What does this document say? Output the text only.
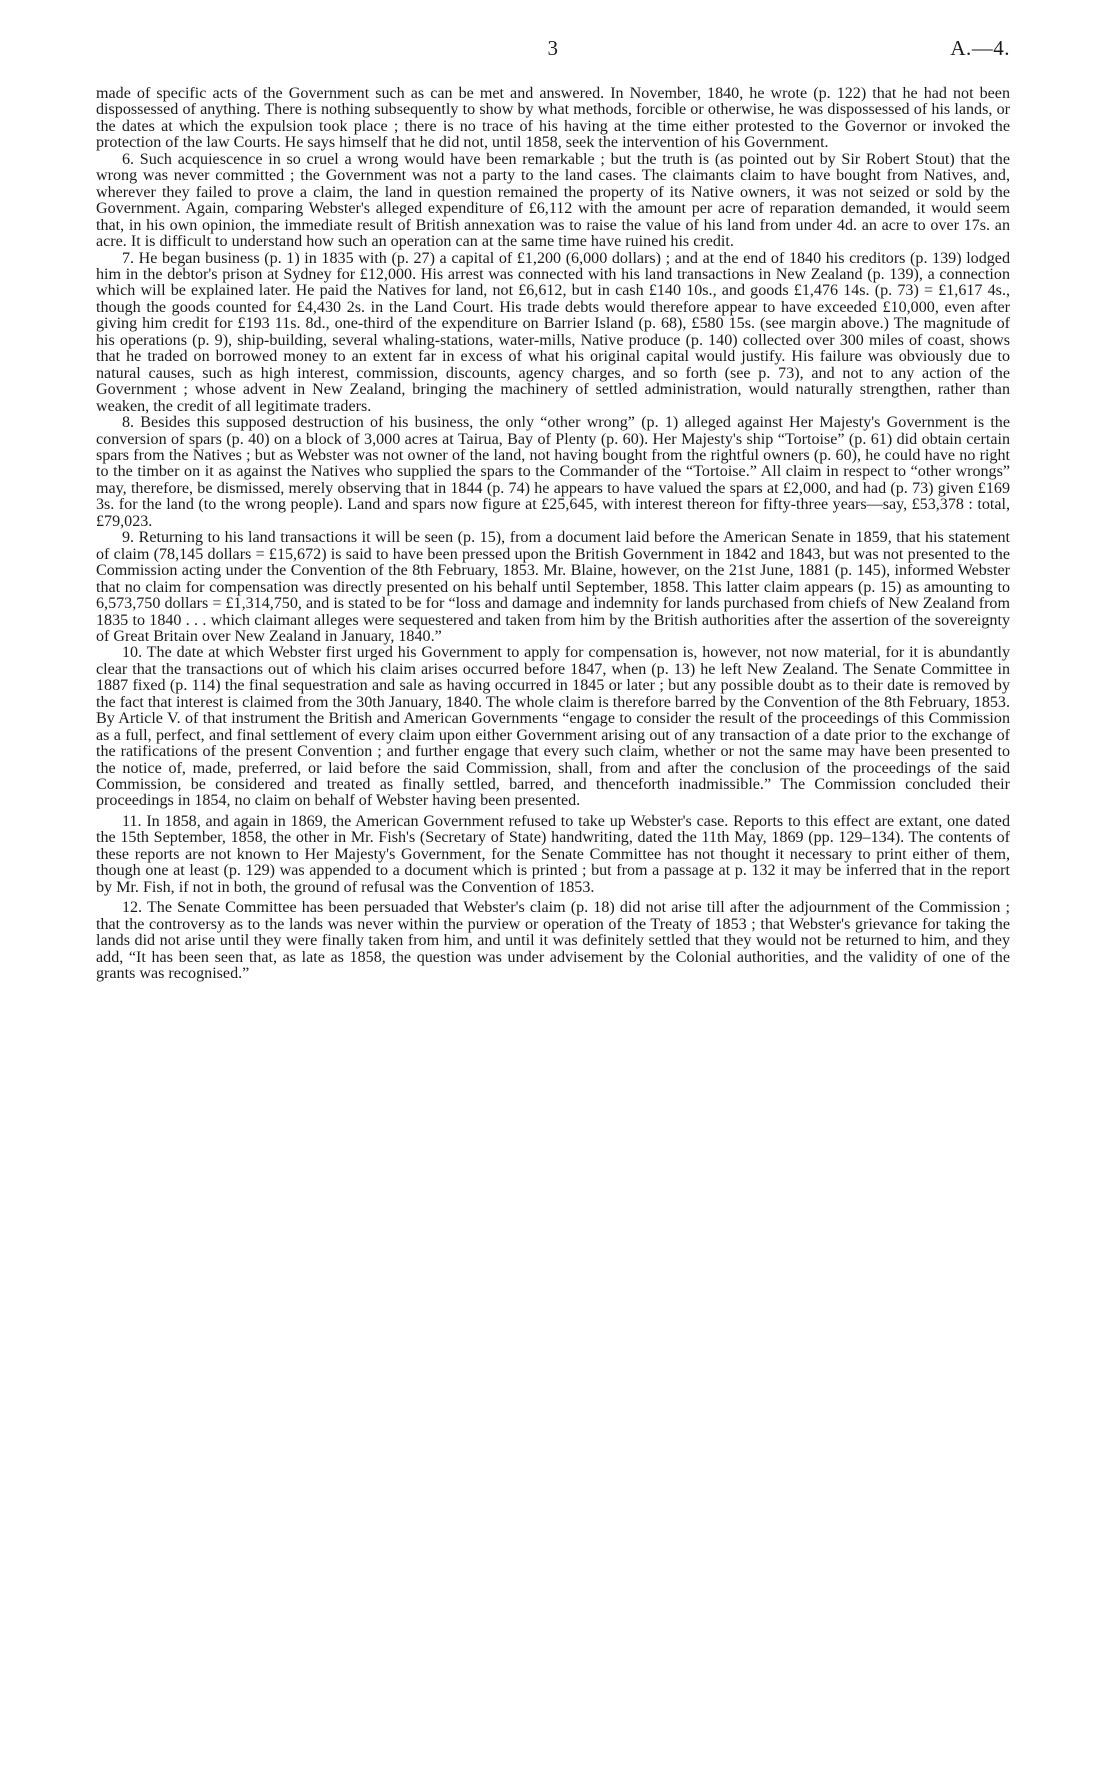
3	A.—4.

made of specific acts of the Government such as can be met and answered. In November, 1840, he wrote (p. 122) that he had not been dispossessed of anything. There is nothing subsequently to show by what methods, forcible or otherwise, he was dispossessed of his lands, or the dates at which the expulsion took place ; there is no trace of his having at the time either protested to the Governor or invoked the protection of the law Courts. He says himself that he did not, until 1858, seek the intervention of his Government.

6. Such acquiescence in so cruel a wrong would have been remarkable ; but the truth is (as pointed out by Sir Robert Stout) that the wrong was never committed ; the Government was not a party to the land cases. The claimants claim to have bought from Natives, and, wherever they failed to prove a claim, the land in question remained the property of its Native owners, it was not seized or sold by the Government. Again, comparing Webster's alleged expenditure of £6,112 with the amount per acre of reparation demanded, it would seem that, in his own opinion, the immediate result of British annexation was to raise the value of his land from under 4d. an acre to over 17s. an acre. It is difficult to understand how such an operation can at the same time have ruined his credit.

7. He began business (p. 1) in 1835 with (p. 27) a capital of £1,200 (6,000 dollars) ; and at the end of 1840 his creditors (p. 139) lodged him in the debtor's prison at Sydney for £12,000. His arrest was connected with his land transactions in New Zealand (p. 139), a connection which will be explained later. He paid the Natives for land, not £6,612, but in cash £140 10s., and goods £1,476 14s. (p. 73) = £1,617 4s., though the goods counted for £4,430 2s. in the Land Court. His trade debts would therefore appear to have exceeded £10,000, even after giving him credit for £193 11s. 8d., one-third of the expenditure on Barrier Island (p. 68), £580 15s. (see margin above.) The magnitude of his operations (p. 9), ship-building, several whaling-stations, water-mills, Native produce (p. 140) collected over 300 miles of coast, shows that he traded on borrowed money to an extent far in excess of what his original capital would justify. His failure was obviously due to natural causes, such as high interest, commission, discounts, agency charges, and so forth (see p. 73), and not to any action of the Government ; whose advent in New Zealand, bringing the machinery of settled administration, would naturally strengthen, rather than weaken, the credit of all legitimate traders.

8. Besides this supposed destruction of his business, the only “other wrong” (p. 1) alleged against Her Majesty's Government is the conversion of spars (p. 40) on a block of 3,000 acres at Tairua, Bay of Plenty (p. 60). Her Majesty's ship “Tortoise” (p. 61) did obtain certain spars from the Natives ; but as Webster was not owner of the land, not having bought from the rightful owners (p. 60), he could have no right to the timber on it as against the Natives who supplied the spars to the Commander of the “Tortoise.” All claim in respect to “other wrongs” may, therefore, be dismissed, merely observing that in 1844 (p. 74) he appears to have valued the spars at £2,000, and had (p. 73) given £169 3s. for the land (to the wrong people). Land and spars now figure at £25,645, with interest thereon for fifty-three years—say, £53,378 : total, £79,023.

9. Returning to his land transactions it will be seen (p. 15), from a document laid before the American Senate in 1859, that his statement of claim (78,145 dollars = £15,672) is said to have been pressed upon the British Government in 1842 and 1843, but was not presented to the Commission acting under the Convention of the 8th February, 1853. Mr. Blaine, however, on the 21st June, 1881 (p. 145), informed Webster that no claim for compensation was directly presented on his behalf until September, 1858. This latter claim appears (p. 15) as amounting to 6,573,750 dollars = £1,314,750, and is stated to be for “loss and damage and indemnity for lands purchased from chiefs of New Zealand from 1835 to 1840 . . . which claimant alleges were sequestered and taken from him by the British authorities after the assertion of the sovereignty of Great Britain over New Zealand in January, 1840.”

10. The date at which Webster first urged his Government to apply for compensation is, however, not now material, for it is abundantly clear that the transactions out of which his claim arises occurred before 1847, when (p. 13) he left New Zealand. The Senate Committee in 1887 fixed (p. 114) the final sequestration and sale as having occurred in 1845 or later ; but any possible doubt as to their date is removed by the fact that interest is claimed from the 30th January, 1840. The whole claim is therefore barred by the Convention of the 8th February, 1853. By Article V. of that instrument the British and American Governments “engage to consider the result of the proceedings of this Commission as a full, perfect, and final settlement of every claim upon either Government arising out of any transaction of a date prior to the exchange of the ratifications of the present Convention ; and further engage that every such claim, whether or not the same may have been presented to the notice of, made, preferred, or laid before the said Commission, shall, from and after the conclusion of the proceedings of the said Commission, be considered and treated as finally settled, barred, and thenceforth inadmissible.” The Commission concluded their proceedings in 1854, no claim on behalf of Webster having been presented.

11. In 1858, and again in 1869, the American Government refused to take up Webster's case. Reports to this effect are extant, one dated the 15th September, 1858, the other in Mr. Fish's (Secretary of State) handwriting, dated the 11th May, 1869 (pp. 129–134). The contents of these reports are not known to Her Majesty's Government, for the Senate Committee has not thought it necessary to print either of them, though one at least (p. 129) was appended to a document which is printed ; but from a passage at p. 132 it may be inferred that in the report by Mr. Fish, if not in both, the ground of refusal was the Convention of 1853.

12. The Senate Committee has been persuaded that Webster's claim (p. 18) did not arise till after the adjournment of the Commission ; that the controversy as to the lands was never within the purview or operation of the Treaty of 1853 ; that Webster's grievance for taking the lands did not arise until they were finally taken from him, and until it was definitely settled that they would not be returned to him, and they add, “It has been seen that, as late as 1858, the question was under advisement by the Colonial authorities, and the validity of one of the grants was recognised.”
